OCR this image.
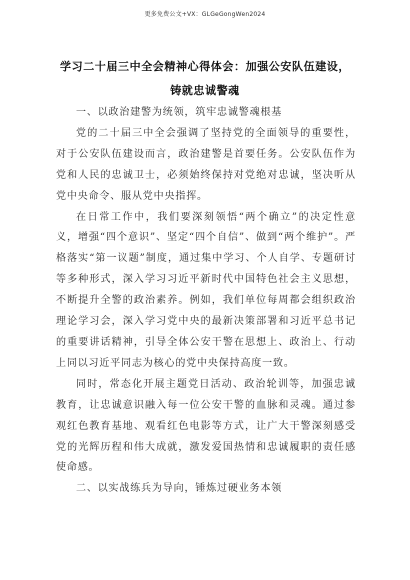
更多免费公文+VX：GLGeGongWen2024
学习二十届三中全会精神心得体会：加强公安队伍建设，
铸就忠诚警魂

一、以政治建警为统领，筑牢忠诚警魂根基

党的二十届三中全会强调了坚持党的全面领导的重要性，对于公安队伍建设而言，政治建警是首要任务。公安队伍作为党和人民的忠诚卫士，必须始终保持对党绝对忠诚，坚决听从党中央命令、服从党中央指挥。

在日常工作中，我们要深刻领悟“两个确立”的决定性意义，增强“四个意识”、坚定“四个自信”、做到“两个维护”。严格落实“第一议题”制度，通过集中学习、个人自学、专题研讨等多种形式，深入学习习近平新时代中国特色社会主义思想，不断提升全警的政治素养。例如，我们单位每周都会组织政治理论学习会，深入学习党中央的最新决策部署和习近平总书记的重要讲话精神，引导全体公安干警在思想上、政治上、行动上同以习近平同志为核心的党中央保持高度一致。

同时，常态化开展主题党日活动、政治轮训等，加强忠诚教育，让忠诚意识融入每一位公安干警的血脉和灵魂。通过参观红色教育基地、观看红色电影等方式，让广大干警深刻感受党的光辉历程和伟大成就，激发爱国热情和忠诚履职的责任感使命感。

二、以实战练兵为导向，锤炼过硬业务本领
